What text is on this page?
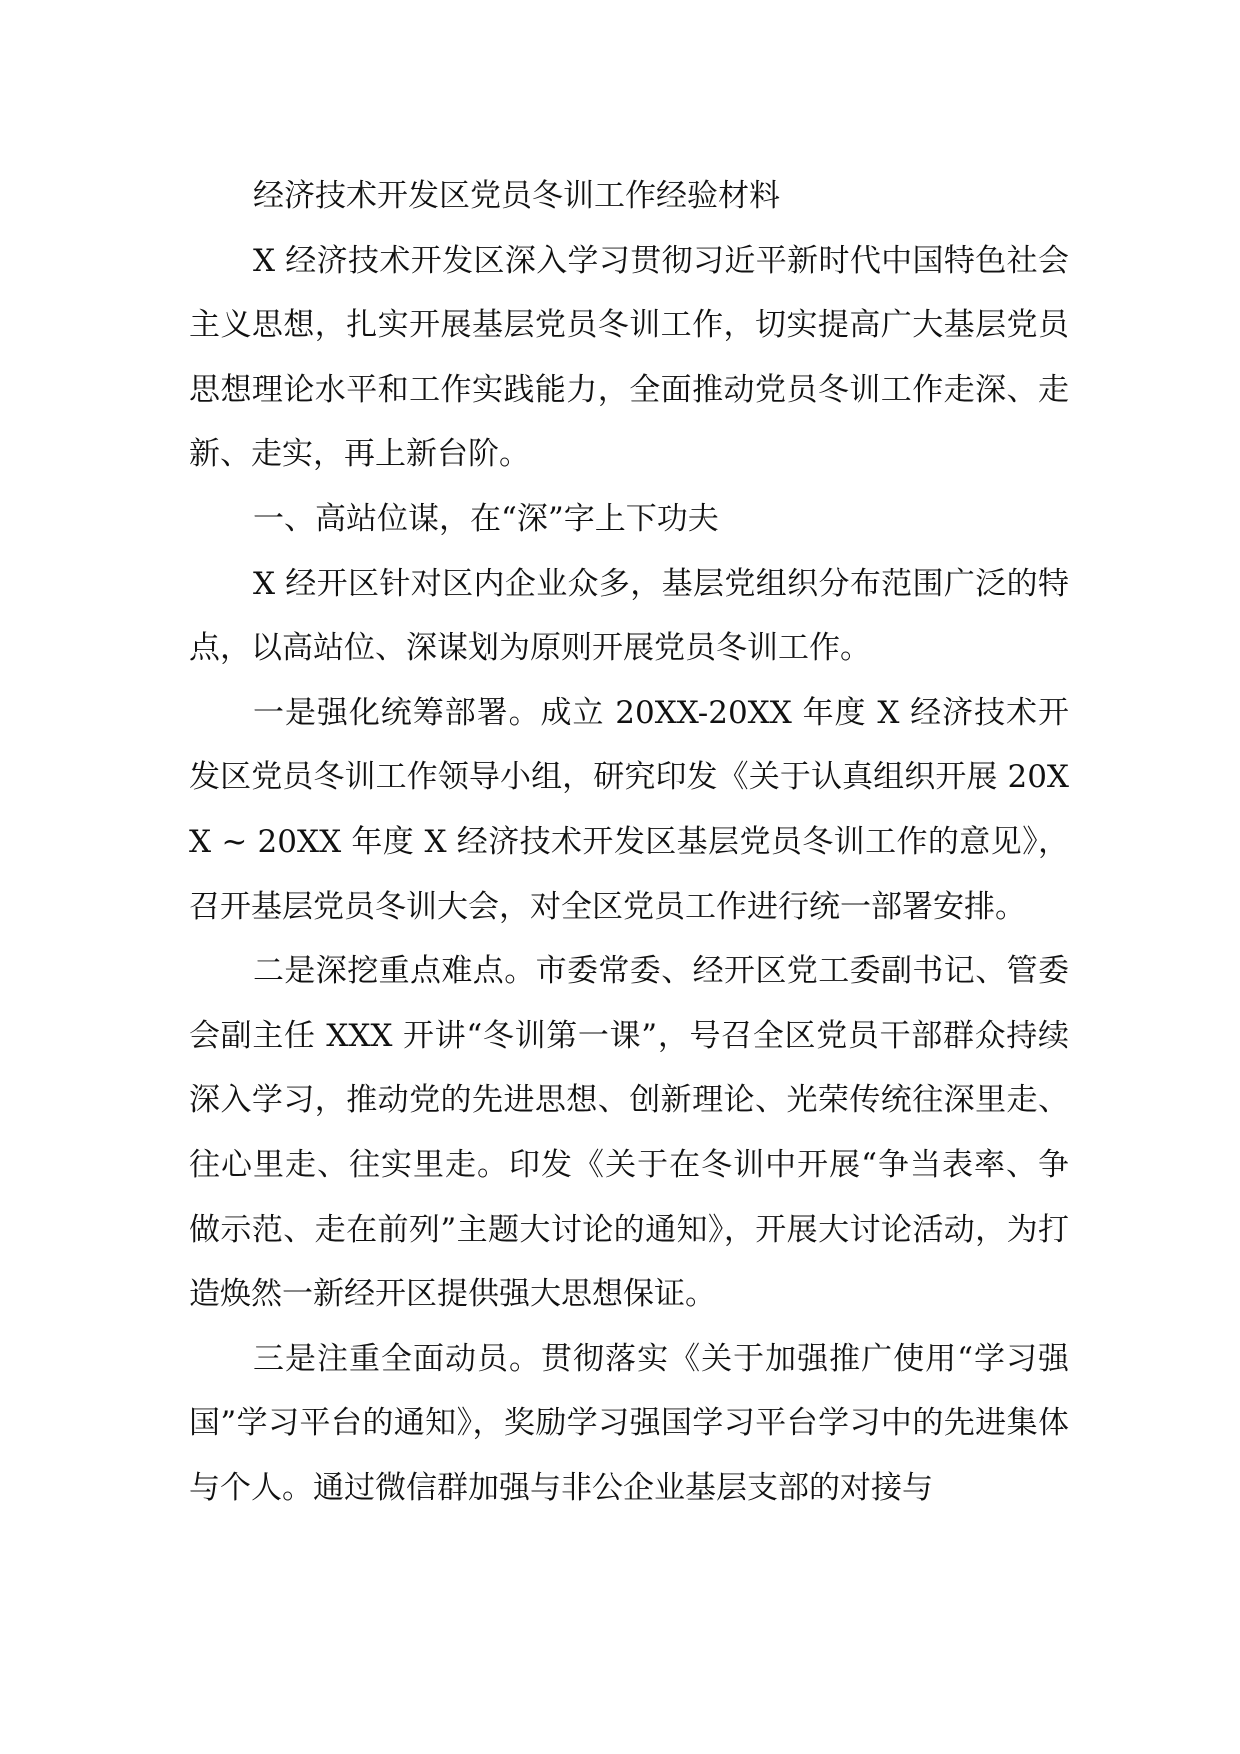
经济技术开发区党员冬训工作经验材料

X 经济技术开发区深入学习贯彻习近平新时代中国特色社会主义思想，扎实开展基层党员冬训工作，切实提高广大基层党员思想理论水平和工作实践能力，全面推动党员冬训工作走深、走新、走实，再上新台阶。

一、高站位谋，在“深”字上下功夫

X 经开区针对区内企业众多，基层党组织分布范围广泛的特点，以高站位、深谋划为原则开展党员冬训工作。

一是强化统筹部署。成立 20XX-20XX 年度 X 经济技术开发区党员冬训工作领导小组，研究印发《关于认真组织开展 20XX ~ 20XX 年度 X 经济技术开发区基层党员冬训工作的意见》，召开基层党员冬训大会，对全区党员工作进行统一部署安排。

二是深挖重点难点。市委常委、经开区党工委副书记、管委会副主任 XXX 开讲“冬训第一课”，号召全区党员干部群众持续深入学习，推动党的先进思想、创新理论、光荣传统往深里走、往心里走、往实里走。印发《关于在冬训中开展“争当表率、争做示范、走在前列”主题大讨论的通知》，开展大讨论活动，为打造焕然一新经开区提供强大思想保证。

三是注重全面动员。贯彻落实《关于加强推广使用“学习强国”学习平台的通知》，奖励学习强国学习平台学习中的先进集体与个人。通过微信群加强与非公企业基层支部的对接与
